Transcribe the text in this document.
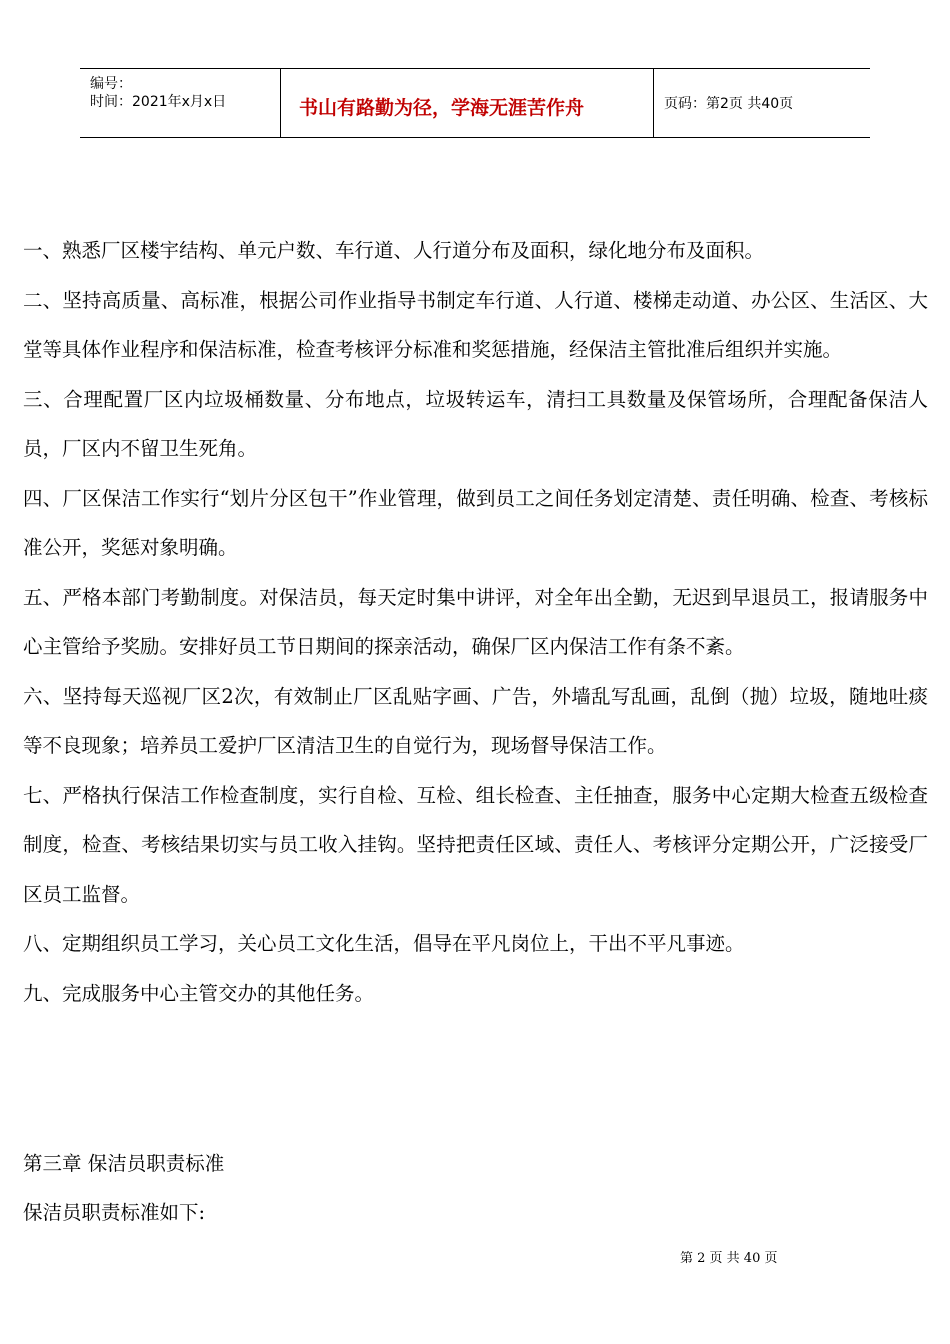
编号：
时间：2021年x月x日	书山有路勤为径，学海无涯苦作舟	页码：第2页 共40页

一、熟悉厂区楼宇结构、单元户数、车行道、人行道分布及面积，绿化地分布及面积。

二、坚持高质量、高标准，根据公司作业指导书制定车行道、人行道、楼梯走动道、办公区、生活区、大堂等具体作业程序和保洁标准，检查考核评分标准和奖惩措施，经保洁主管批准后组织并实施。

三、合理配置厂区内垃圾桶数量、分布地点，垃圾转运车，清扫工具数量及保管场所，合理配备保洁人员，厂区内不留卫生死角。

四、厂区保洁工作实行“划片分区包干”作业管理，做到员工之间任务划定清楚、责任明确、检查、考核标准公开，奖惩对象明确。

五、严格本部门考勤制度。对保洁员，每天定时集中讲评，对全年出全勤，无迟到早退员工，报请服务中心主管给予奖励。安排好员工节日期间的探亲活动，确保厂区内保洁工作有条不紊。

六、坚持每天巡视厂区2次，有效制止厂区乱贴字画、广告，外墙乱写乱画，乱倒（抛）垃圾，随地吐痰等不良现象；培养员工爱护厂区清洁卫生的自觉行为，现场督导保洁工作。

七、严格执行保洁工作检查制度，实行自检、互检、组长检查、主任抽查，服务中心定期大检查五级检查制度，检查、考核结果切实与员工收入挂钩。坚持把责任区域、责任人、考核评分定期公开，广泛接受厂区员工监督。

八、定期组织员工学习，关心员工文化生活，倡导在平凡岗位上，干出不平凡事迹。

九、完成服务中心主管交办的其他任务。

第三章 保洁员职责标准
保洁员职责标准如下:
第 2 页 共 40 页
